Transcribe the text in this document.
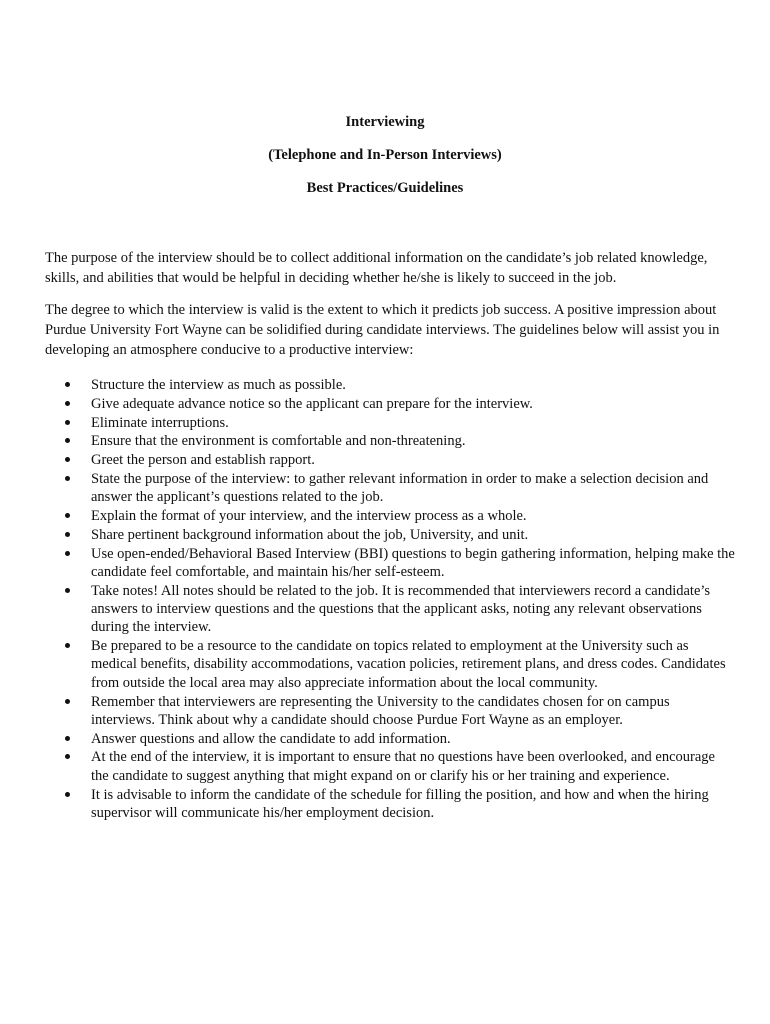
Interviewing

(Telephone and In-Person Interviews)

Best Practices/Guidelines

The purpose of the interview should be to collect additional information on the candidate’s job related knowledge, skills, and abilities that would be helpful in deciding whether he/she is likely to succeed in the job.

The degree to which the interview is valid is the extent to which it predicts job success. A positive impression about Purdue University Fort Wayne can be solidified during candidate interviews. The guidelines below will assist you in developing an atmosphere conducive to a productive interview:

Structure the interview as much as possible.
Give adequate advance notice so the applicant can prepare for the interview.
Eliminate interruptions.
Ensure that the environment is comfortable and non-threatening.
Greet the person and establish rapport.
State the purpose of the interview: to gather relevant information in order to make a selection decision and answer the applicant’s questions related to the job.
Explain the format of your interview, and the interview process as a whole.
Share pertinent background information about the job, University, and unit.
Use open-ended/Behavioral Based Interview (BBI) questions to begin gathering information, helping make the candidate feel comfortable, and maintain his/her self-esteem.
Take notes! All notes should be related to the job. It is recommended that interviewers record a candidate’s answers to interview questions and the questions that the applicant asks, noting any relevant observations during the interview.
Be prepared to be a resource to the candidate on topics related to employment at the University such as medical benefits, disability accommodations, vacation policies, retirement plans, and dress codes. Candidates from outside the local area may also appreciate information about the local community.
Remember that interviewers are representing the University to the candidates chosen for on campus interviews. Think about why a candidate should choose Purdue Fort Wayne as an employer.
Answer questions and allow the candidate to add information.
At the end of the interview, it is important to ensure that no questions have been overlooked, and encourage the candidate to suggest anything that might expand on or clarify his or her training and experience.
It is advisable to inform the candidate of the schedule for filling the position, and how and when the hiring supervisor will communicate his/her employment decision.
